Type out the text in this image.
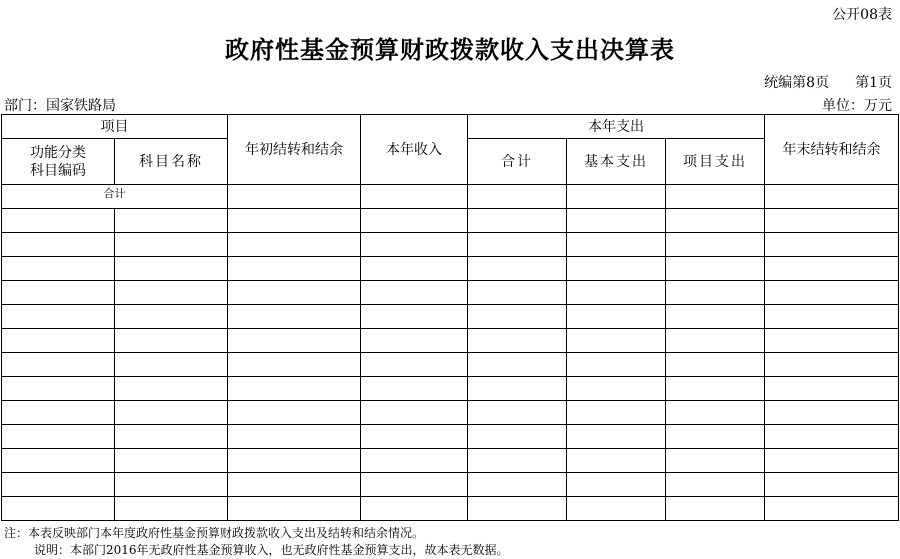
公开08表
政府性基金预算财政拨款收入支出决算表
统编第8页 第1页
部门：国家铁路局	单位：万元
项目		年初结转和结余	本年收入	本年支出			年末结转和结余
功能分类
科目编码	科目名称			合计	基本支出	项目支出	
合计							

注：本表反映部门本年度政府性基金预算财政拨款收入支出及结转和结余情况。
说明：本部门2016年无政府性基金预算收入，也无政府性基金预算支出，故本表无数据。
